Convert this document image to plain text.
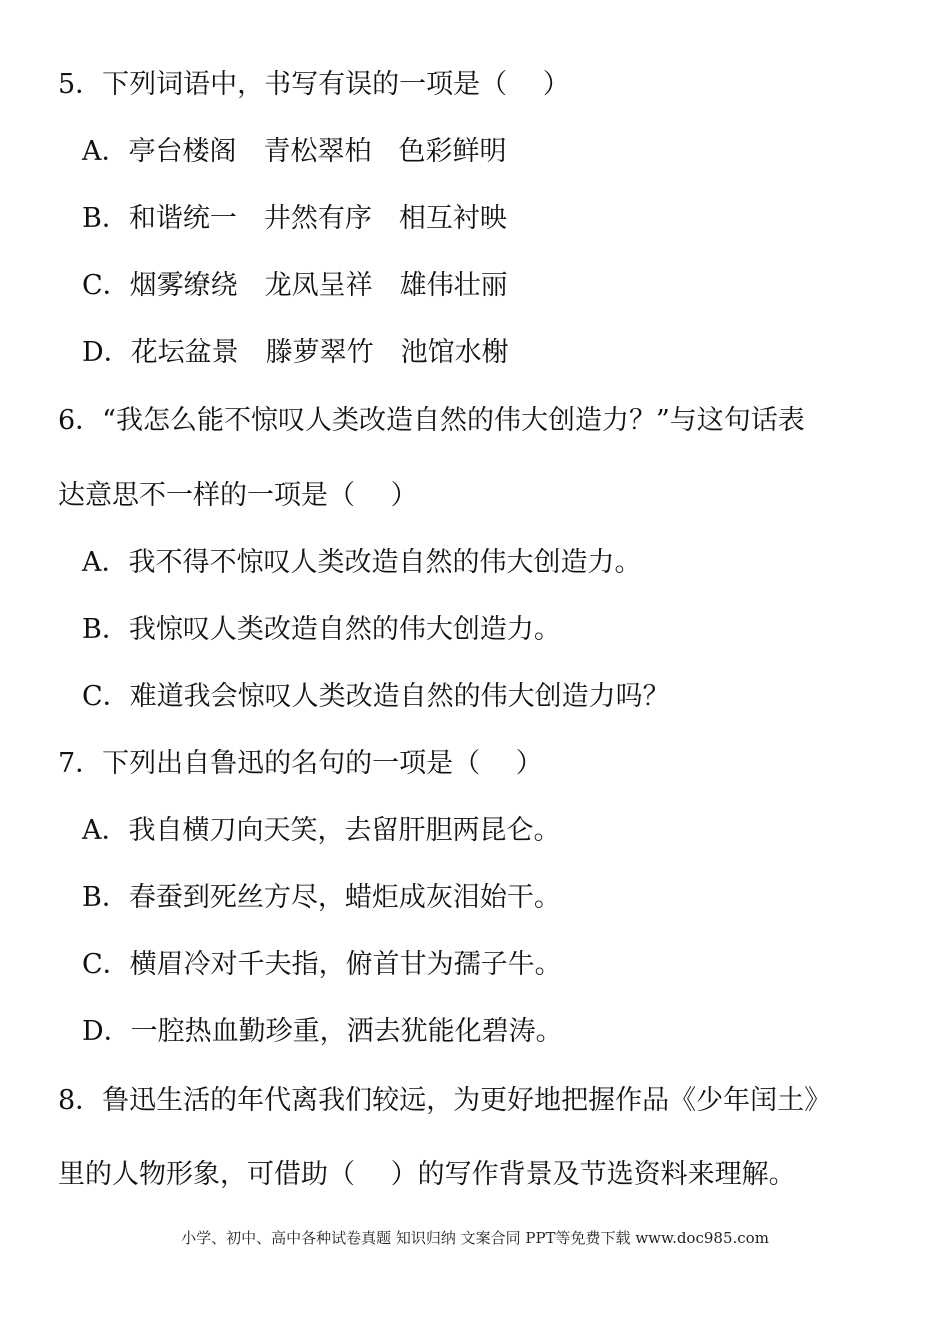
5．下列词语中，书写有误的一项是（　 ）
A．亭台楼阁　青松翠柏　色彩鲜明
B．和谐统一　井然有序　相互衬映
C．烟雾缭绕　龙凤呈祥　雄伟壮丽
D．花坛盆景　滕萝翠竹　池馆水榭
6．“我怎么能不惊叹人类改造自然的伟大创造力？”与这句话表
达意思不一样的一项是（　 ）
A．我不得不惊叹人类改造自然的伟大创造力。
B．我惊叹人类改造自然的伟大创造力。
C．难道我会惊叹人类改造自然的伟大创造力吗？
7．下列出自鲁迅的名句的一项是（　 ）
A．我自横刀向天笑，去留肝胆两昆仑。
B．春蚕到死丝方尽，蜡炬成灰泪始干。
C．横眉冷对千夫指，俯首甘为孺子牛。
D．一腔热血勤珍重，洒去犹能化碧涛。
8．鲁迅生活的年代离我们较远，为更好地把握作品《少年闰土》
里的人物形象，可借助（　 ）的写作背景及节选资料来理解。
小学、初中、高中各种试卷真题 知识归纳 文案合同 PPT等免费下载 www.doc985.com
